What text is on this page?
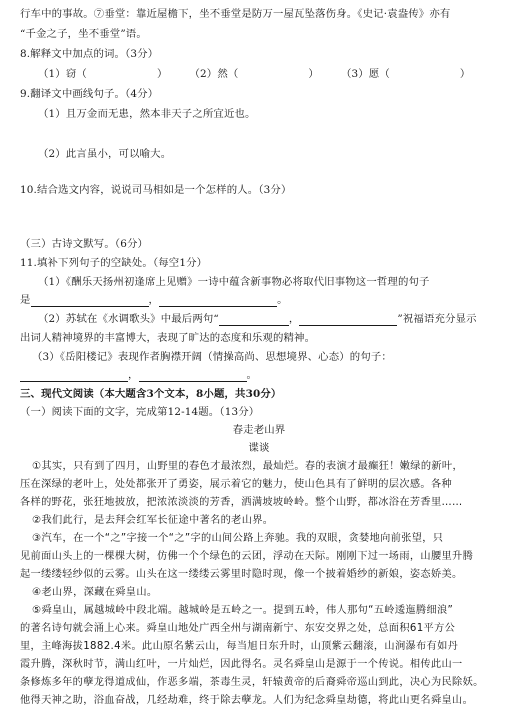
行车中的事故。⑦垂堂：靠近屋檐下，坐不垂堂是防万一屋瓦坠落伤身。《史记·袁盎传》亦有
“千金之子，坐不垂堂”语。
8.解释文中加点的词。（3分）
（1）窃（	） （2）然（	） （3）愿（	）
9.翻译文中画线句子。（4分）
（1）且万金而无患，然本非天子之所宜近也。
（2）此言虽小，可以喻大。
10.结合选文内容，说说司马相如是一个怎样的人。（3分）
（三）古诗文默写。（6分）
11.填补下列句子的空缺处。（每空1分）
（1）《酬乐天扬州初逢席上见赠》一诗中蕴含新事物必将取代旧事物这一哲理的句子
是	，	。
（2）苏轼在《水调歌头》中最后两句“	，	”祝福语充分显示
出词人精神境界的丰富博大，表现了旷达的态度和乐观的精神。
（3）《岳阳楼记》表现作者胸襟开阔（情操高尚、思想境界、心态）的句子：
，	。
三、现代文阅读（本大题含3个文本，8小题，共30分）
（一）阅读下面的文字，完成第12-14题。（13分）
春走老山界
谍谈
①其实，只有到了四月，山野里的春色才最浓烈，最灿烂。春的表演才最癫狂！嫩绿的新叶，
压在深绿的老叶上，处处都张开了勇姿，展示着它的魅力，使山色具有了鲜明的层次感。各种
各样的野花，张狂地披放，把浓浓淡淡的芳香，洒满坡坡岭岭。整个山野，都冰浴在芳香里……
②我们此行，是去拜会红军长征途中著名的老山界。
③汽车，在一个“之”字接一个“之”字的山间公路上奔驰。我的双眼，贪婪地向前张望，只
见前面山头上的一棵棵大树，仿佛一个个绿色的云团，浮动在天际。刚刚下过一场雨，山腰里升腾
起一缕缕轻纱似的云雾。山头在这一缕缕云雾里时隐时现，像一个披着婚纱的新娘，姿态娇美。
④老山界，深藏在舜皇山。
⑤舜皇山，属越城岭中段北端。越城岭是五岭之一。提到五岭，伟人那句“五岭逶迤腾细浪”
的著名诗句就会涌上心来。舜皇山地处广西全州与湖南新宁、东安交界之处，总面积61平方公
里，主峰海拔1882.4米。此山原名紫云山，每当旭日东升时，山顶紫云翻滚，山涧瀑布有如丹
霞升腾，深秋时节，满山红叶，一片灿烂，因此得名。灵名舜皇山是源于一个传说。相传此山一
条修炼多年的孽龙得道成仙，作恶多端，茶毒生灵，轩辕黄帝的后裔舜帝巡山到此，决心为民除妖。
他得天神之助，浴血奋战，几经劫难，终于除去孽龙。人们为纪念舜皇劫德，将此山更名舜皇山。
